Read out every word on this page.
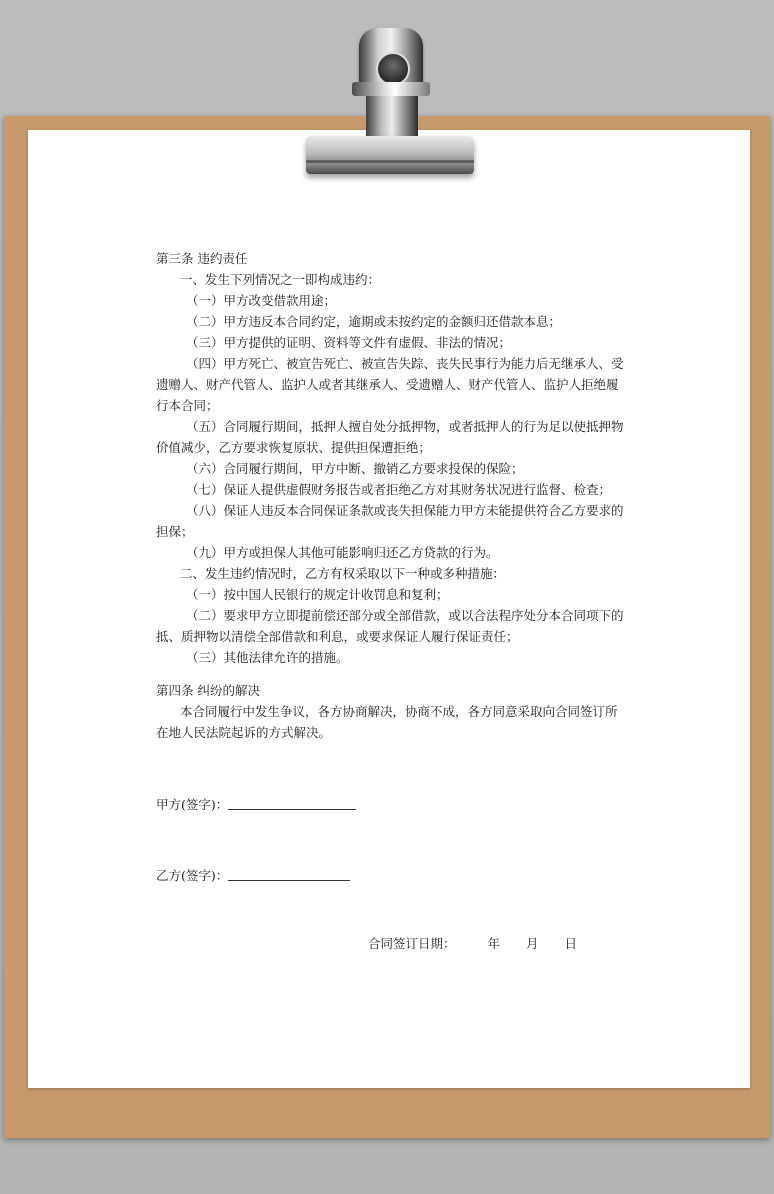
第三条 违约责任
一、发生下列情况之一即构成违约：
（一）甲方改变借款用途；
（二）甲方违反本合同约定，逾期或未按约定的金额归还借款本息；
（三）甲方提供的证明、资料等文件有虚假、非法的情况；
（四）甲方死亡、被宣告死亡、被宣告失踪、丧失民事行为能力后无继承人、受
遗赠人、财产代管人、监护人或者其继承人、受遗赠人、财产代管人、监护人拒绝履
行本合同；
（五）合同履行期间，抵押人擅自处分抵押物，或者抵押人的行为足以使抵押物
价值减少，乙方要求恢复原状、提供担保遭拒绝；
（六）合同履行期间，甲方中断、撤销乙方要求投保的保险；
（七）保证人提供虚假财务报告或者拒绝乙方对其财务状况进行监督、检查；
（八）保证人违反本合同保证条款或丧失担保能力甲方未能提供符合乙方要求的
担保；
（九）甲方或担保人其他可能影响归还乙方贷款的行为。
二、发生违约情况时，乙方有权采取以下一种或多种措施：
（一）按中国人民银行的规定计收罚息和复利；
（二）要求甲方立即提前偿还部分或全部借款，或以合法程序处分本合同项下的
抵、质押物以清偿全部借款和利息，或要求保证人履行保证责任；
（三）其他法律允许的措施。
第四条 纠纷的解决
本合同履行中发生争议，各方协商解决，协商不成，各方同意采取向合同签订所
在地人民法院起诉的方式解决。
甲方(签字)：
乙方(签字)：
合同签订日期：	年 月 日
